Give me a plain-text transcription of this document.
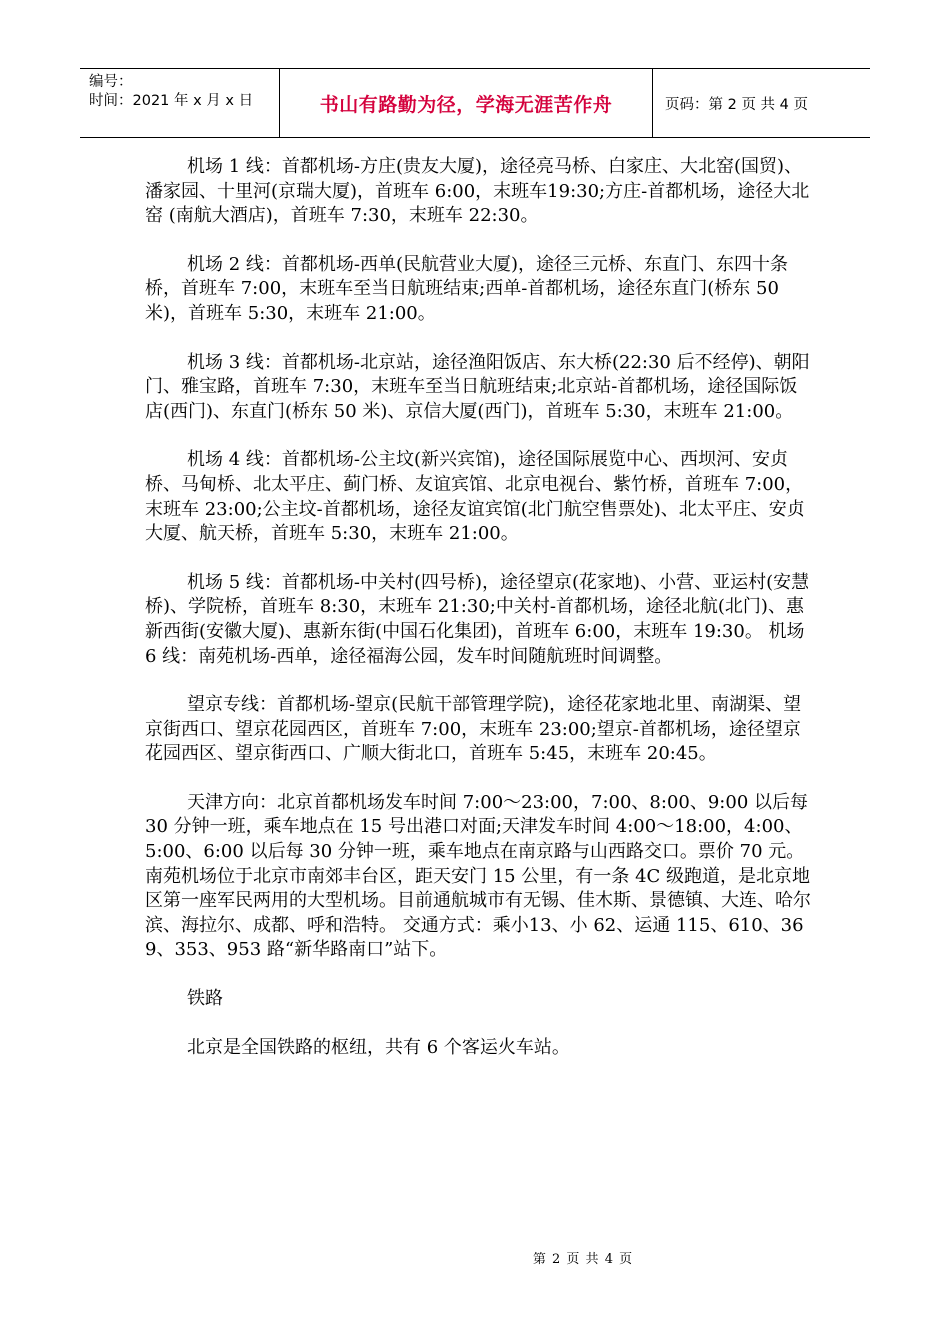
编号：
时间：2021 年 x 月 x 日	书山有路勤为径，学海无涯苦作舟	页码：第 2 页 共 4 页

机场 1 线：首都机场-方庄(贵友大厦)，途径亮马桥、白家庄、大北窑(国贸)、潘家园、十里河(京瑞大厦)，首班车 6:00，末班车19:30;方庄-首都机场，途径大北窑 (南航大酒店)，首班车 7:30，末班车 22:30。

机场 2 线：首都机场-西单(民航营业大厦)，途径三元桥、东直门、东四十条桥，首班车 7:00，末班车至当日航班结束;西单-首都机场，途径东直门(桥东 50 米)，首班车 5:30，末班车 21:00。

机场 3 线：首都机场-北京站，途径渔阳饭店、东大桥(22:30 后不经停)、朝阳门、雅宝路，首班车 7:30，末班车至当日航班结束;北京站-首都机场，途径国际饭店(西门)、东直门(桥东 50 米)、京信大厦(西门)，首班车 5:30，末班车 21:00。

机场 4 线：首都机场-公主坟(新兴宾馆)，途径国际展览中心、西坝河、安贞桥、马甸桥、北太平庄、蓟门桥、友谊宾馆、北京电视台、紫竹桥，首班车 7:00，末班车 23:00;公主坟-首都机场，途径友谊宾馆(北门航空售票处)、北太平庄、安贞大厦、航天桥，首班车 5:30，末班车 21:00。

机场 5 线：首都机场-中关村(四号桥)，途径望京(花家地)、小营、亚运村(安慧桥)、学院桥，首班车 8:30，末班车 21:30;中关村-首都机场，途径北航(北门)、惠新西街(安徽大厦)、惠新东街(中国石化集团)，首班车 6:00，末班车 19:30。 机场 6 线：南苑机场-西单，途径福海公园，发车时间随航班时间调整。

望京专线：首都机场-望京(民航干部管理学院)，途径花家地北里、南湖渠、望京街西口、望京花园西区，首班车 7:00，末班车 23:00;望京-首都机场，途径望京花园西区、望京街西口、广顺大街北口，首班车 5:45，末班车 20:45。

天津方向：北京首都机场发车时间 7:00～23:00，7:00、8:00、9:00 以后每 30 分钟一班，乘车地点在 15 号出港口对面;天津发车时间 4:00～18:00，4:00、5:00、6:00 以后每 30 分钟一班，乘车地点在南京路与山西路交口。票价 70 元。 南苑机场位于北京市南郊丰台区，距天安门 15 公里，有一条 4C 级跑道，是北京地区第一座军民两用的大型机场。目前通航城市有无锡、佳木斯、景德镇、大连、哈尔滨、海拉尔、成都、呼和浩特。 交通方式：乘小13、小 62、运通 115、610、369、353、953 路“新华路南口”站下。

铁路

北京是全国铁路的枢纽，共有 6 个客运火车站。

第 2 页 共 4 页
